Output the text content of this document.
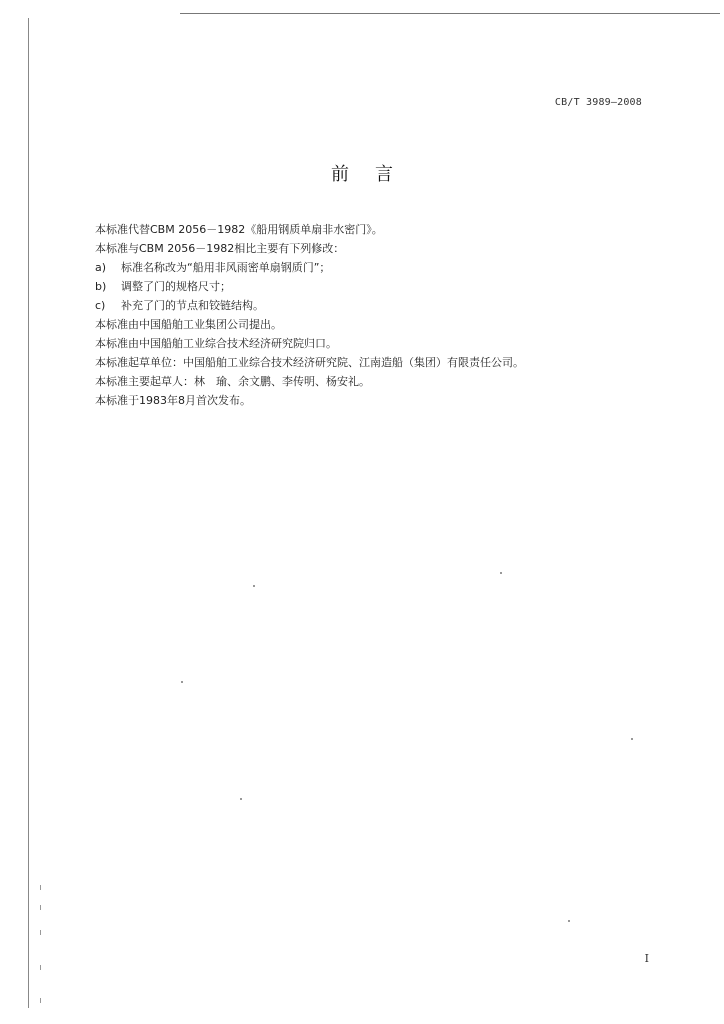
CB/T 3989—2008
前言
本标准代替CBM 2056－1982《船用钢质单扇非水密门》。
本标准与CBM 2056－1982相比主要有下列修改：
a) 标准名称改为“船用非风雨密单扇钢质门”；
b) 调整了门的规格尺寸；
c) 补充了门的节点和铰链结构。
本标准由中国船舶工业集团公司提出。
本标准由中国船舶工业综合技术经济研究院归口。
本标准起草单位：中国船舶工业综合技术经济研究院、江南造船（集团）有限责任公司。
本标准主要起草人：林　瑜、余文鹏、李传明、杨安礼。
本标准于1983年8月首次发布。
I
